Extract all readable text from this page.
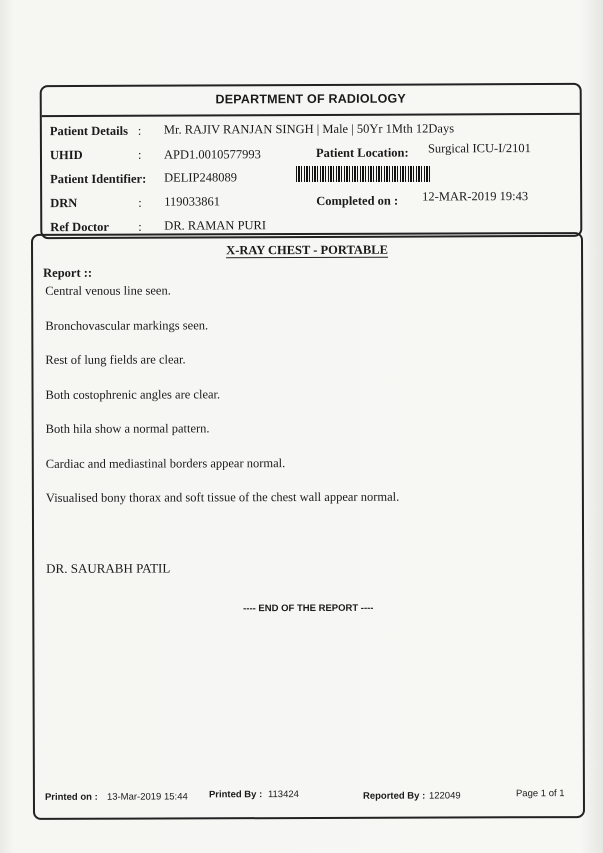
DEPARTMENT OF RADIOLOGY
Patient Details : Mr. RAJIV RANJAN SINGH | Male | 50Yr 1Mth 12Days
UHID	: APD1.0010577993	Patient Location: Surgical ICU-I/2101
Patient Identifier: DELIP248089
DRN	: 119033861	Completed on : 12-MAR-2019 19:43
Ref Doctor : DR. RAMAN PURI
X-RAY CHEST - PORTABLE
Report ::
Central venous line seen.
Bronchovascular markings seen.
Rest of lung fields are clear.
Both costophrenic angles are clear.
Both hila show a normal pattern.
Cardiac and mediastinal borders appear normal.
Visualised bony thorax and soft tissue of the chest wall appear normal.
DR. SAURABH PATIL
---- END OF THE REPORT ----
Printed on : 13-Mar-2019 15:44 Printed By : 113424	Reported By : 122049	Page 1 of 1
